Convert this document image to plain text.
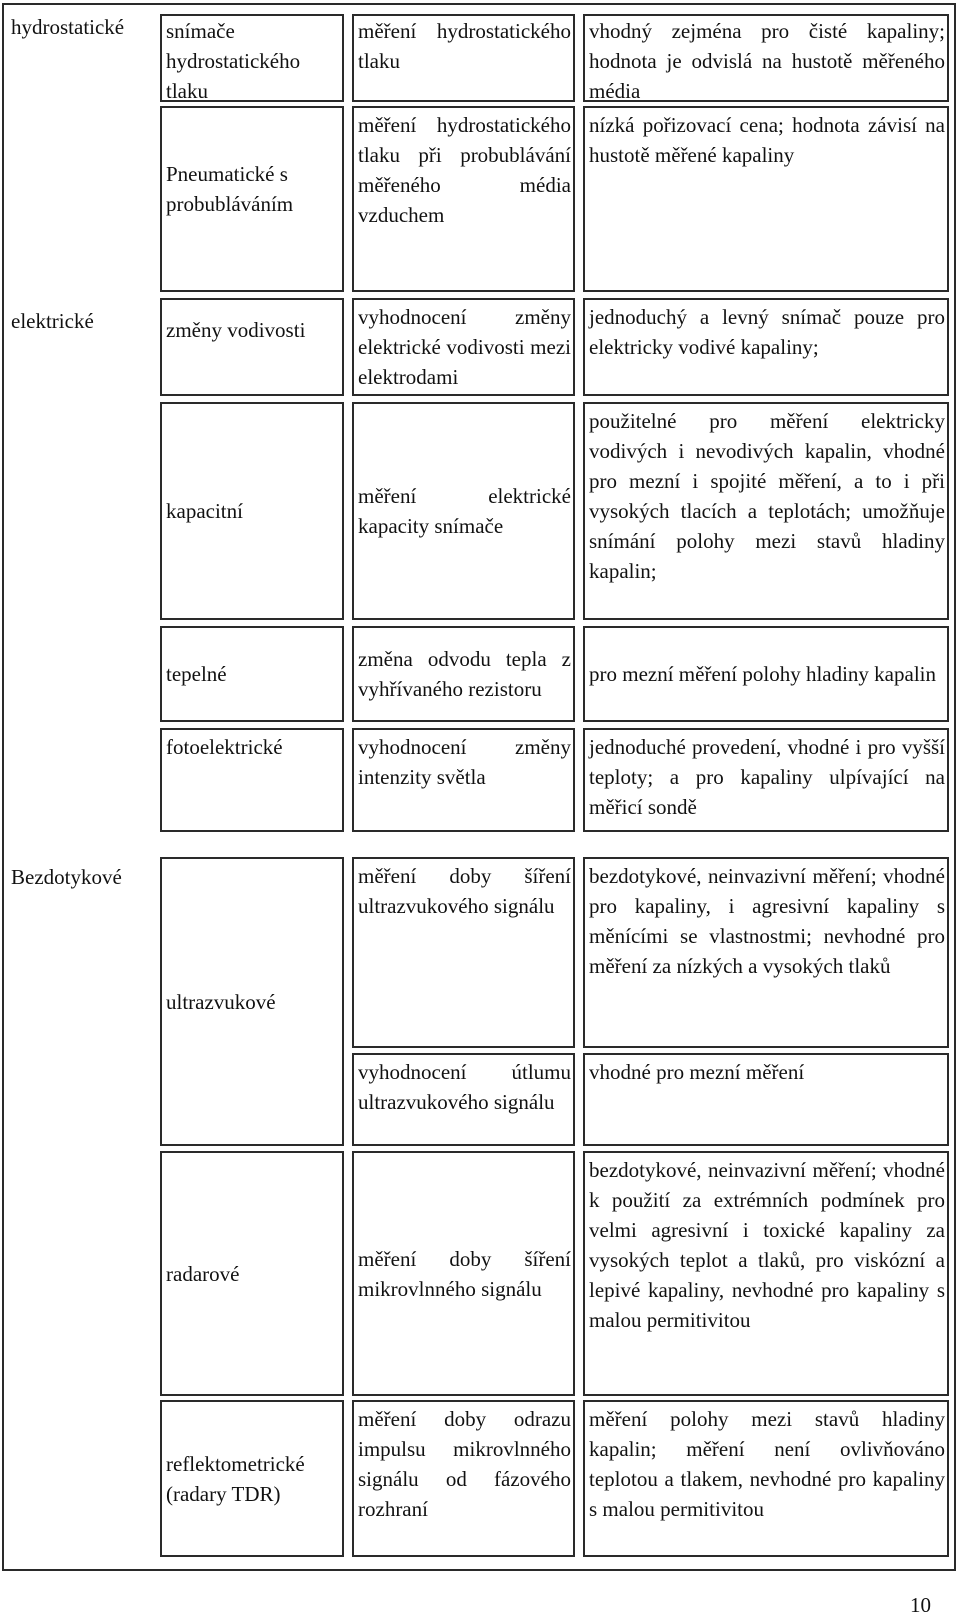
hydrostatické
elektrické
Bezdotykové
snímače hydrostatického tlaku
Pneumatické s probubláváním
změny vodivosti
kapacitní
tepelné
fotoelektrické
ultrazvukové
radarové
reflektometrické (radary TDR)
měření hydrostatického tlaku
měření hydrostatického tlaku při probublávání měřeného média vzduchem
vyhodnocení změny elektrické vodivosti mezi elektrodami
měření elektrické kapacity snímače
změna odvodu tepla z vyhřívaného rezistoru
vyhodnocení změny intenzity světla
měření doby šíření ultrazvukového signálu
vyhodnocení útlumu ultrazvukového signálu
měření doby šíření mikrovlnného signálu
měření doby odrazu impulsu mikrovlnného signálu od fázového rozhraní
vhodný zejména pro čisté kapaliny; hodnota je odvislá na hustotě měřeného média
nízká pořizovací cena; hodnota závisí na hustotě měřené kapaliny
jednoduchý a levný snímač pouze pro elektricky vodivé kapaliny;
použitelné pro měření elektricky vodivých i nevodivých kapalin, vhodné pro mezní i spojité měření, a to i při vysokých tlacích a teplotách; umožňuje snímání polohy mezi stavů hladiny kapalin;
pro mezní měření polohy hladiny kapalin
jednoduché provedení, vhodné i pro vyšší teploty; a pro kapaliny ulpívající na měřicí sondě
bezdotykové, neinvazivní měření; vhodné pro kapaliny, i agresivní kapaliny s měnícími se vlastnostmi; nevhodné pro měření za nízkých a vysokých tlaků
vhodné pro mezní měření
bezdotykové, neinvazivní měření; vhodné k použití za extrémních podmínek pro velmi agresivní i toxické kapaliny za vysokých teplot a tlaků, pro viskózní a lepivé kapaliny, nevhodné pro kapaliny s malou permitivitou
měření polohy mezi stavů hladiny kapalin; měření není ovlivňováno teplotou a tlakem, nevhodné pro kapaliny s malou permitivitou
10
